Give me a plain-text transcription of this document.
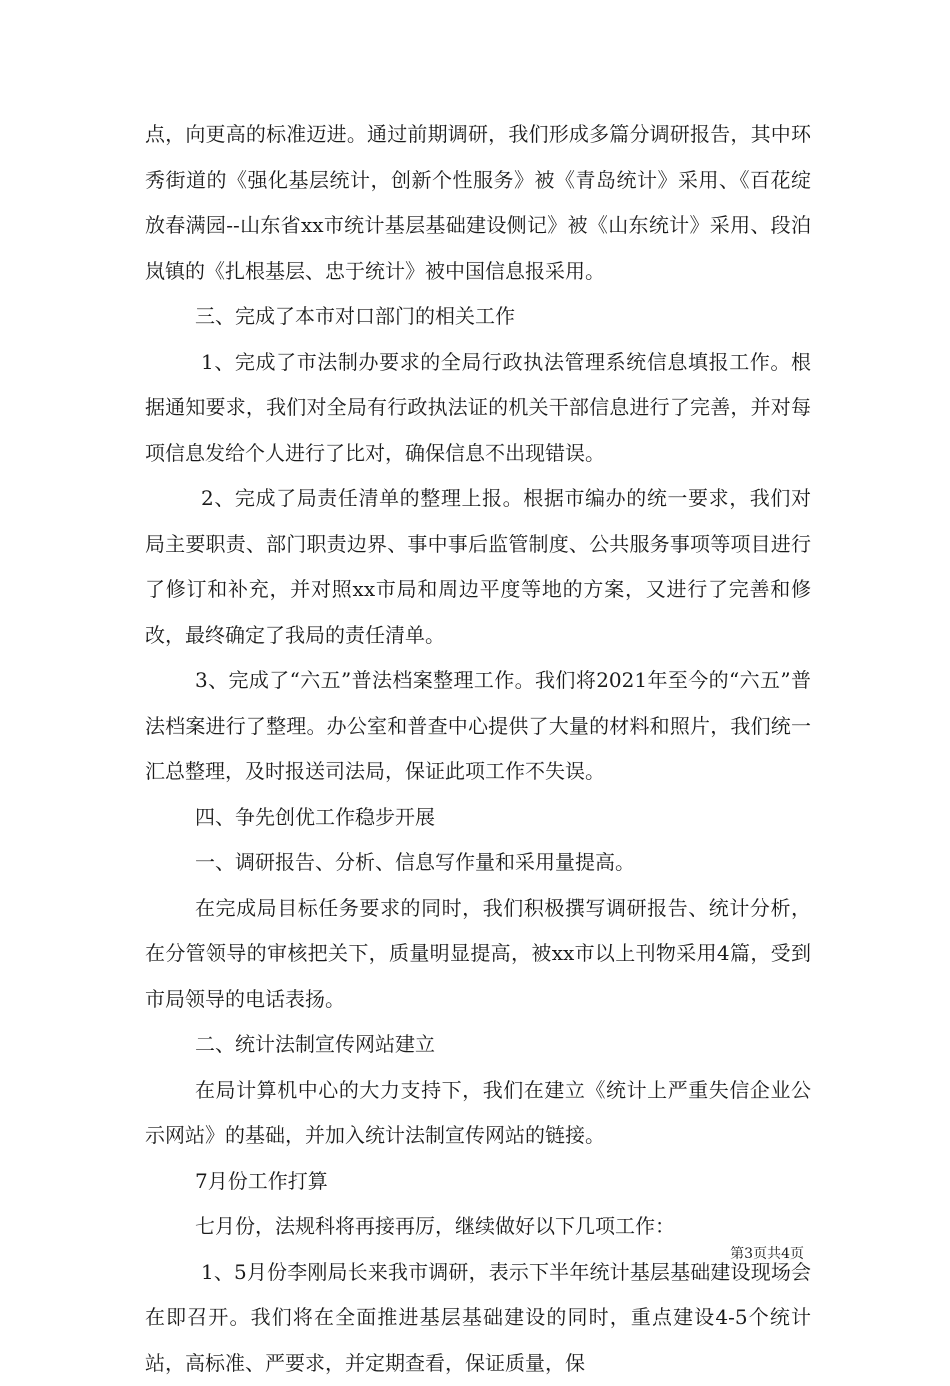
点，向更高的标准迈进。通过前期调研，我们形成多篇分调研报告，其中环秀街道的《强化基层统计，创新个性服务》被《青岛统计》采用、《百花绽放春满园--山东省xx市统计基层基础建设侧记》被《山东统计》采用、段泊岚镇的《扎根基层、忠于统计》被中国信息报采用。

三、完成了本市对口部门的相关工作

1、完成了市法制办要求的全局行政执法管理系统信息填报工作。根据通知要求，我们对全局有行政执法证的机关干部信息进行了完善，并对每项信息发给个人进行了比对，确保信息不出现错误。

2、完成了局责任清单的整理上报。根据市编办的统一要求，我们对局主要职责、部门职责边界、事中事后监管制度、公共服务事项等项目进行了修订和补充，并对照xx市局和周边平度等地的方案，又进行了完善和修改，最终确定了我局的责任清单。

3、完成了“六五”普法档案整理工作。我们将2021年至今的“六五”普法档案进行了整理。办公室和普查中心提供了大量的材料和照片，我们统一汇总整理，及时报送司法局，保证此项工作不失误。

四、争先创优工作稳步开展

一、调研报告、分析、信息写作量和采用量提高。

在完成局目标任务要求的同时，我们积极撰写调研报告、统计分析，在分管领导的审核把关下，质量明显提高，被xx市以上刊物采用4篇，受到市局领导的电话表扬。

二、统计法制宣传网站建立

在局计算机中心的大力支持下，我们在建立《统计上严重失信企业公示网站》的基础，并加入统计法制宣传网站的链接。

7月份工作打算

七月份，法规科将再接再厉，继续做好以下几项工作：

1、5月份李刚局长来我市调研，表示下半年统计基层基础建设现场会在即召开。我们将在全面推进基层基础建设的同时，重点建设4-5个统计站，高标准、严要求，并定期查看，保证质量，保

第3页共4页
